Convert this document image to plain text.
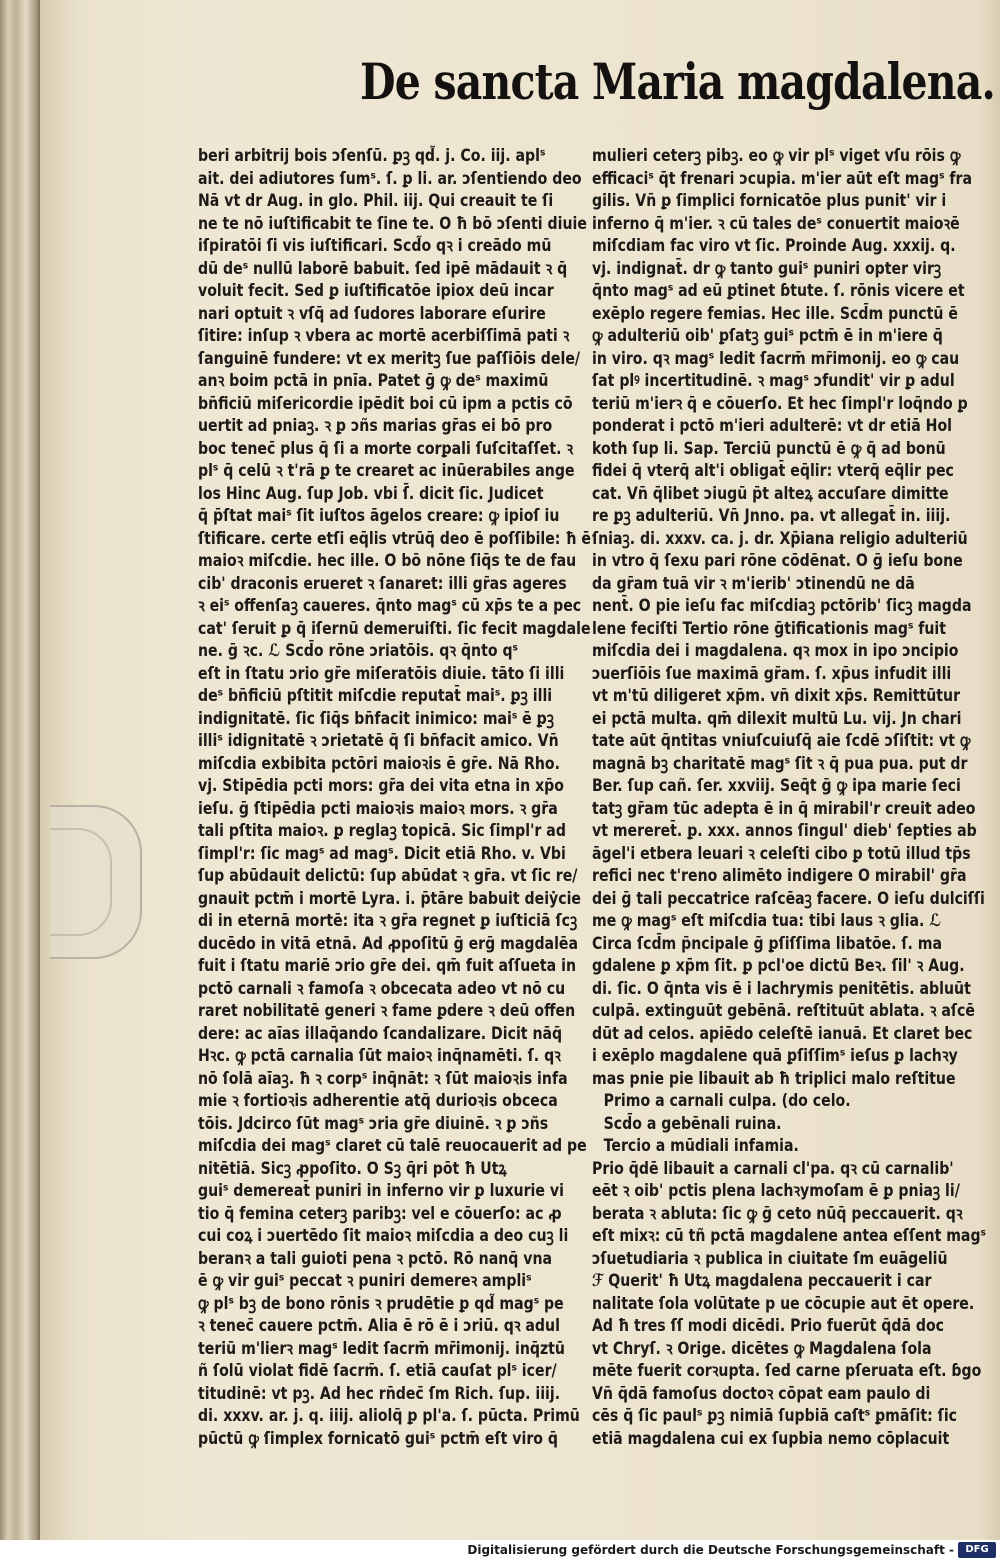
De sancta Maria magdalena.
beri arbitrij bois ɔſenſū. ꝑꝫ qd̃. j. Co. iij. aplˢ
ait. dei adiutores ſumˢ. ſ. ꝑ li. ar. ɔſentiendo deo
Nā vt dr Aug. in glo. Phil. iij. Qui creauit te ſi
ne te nō iuſtificabit te ſine te. O ħ bō ɔſenti diuie
iſpiratōi ſi vis iuſtificari. Scd̃o qꝛ i creādo mū
dū deˢ nullū laborē babuit. ſed ipē mādauit ꝛ q̄
voluit fecit. Sed ꝑ iuſtificatōe ipiox deū incar
nari optuit ꝛ vſq̄ ad ſudores laborare eſurire
ſitire: inſup ꝛ vbera ac mortē acerbiſſimā pati ꝛ
ſanguinē fundere: vt ex meritꝫ ſue paſſiōis dele/
anꝛ boim pctā in pnīa. Patet ḡ ꝙ deˢ maximū
bn̄ficiū miſericordie ipēdit boi cū ipm a pctis cō
uertit ad pniaꝫ. ꝛ ꝑ ɔñs marias gr̄as ei bō pro
boc tenec̄ plus q̄ ſi a morte corꝑali ſuſcitaſſet. ꝛ
plˢ q̄ celū ꝛ t'rā ꝑ te crearet ac inūerabiles ange
los Hinc Aug. ſup Job. vbi ſ̄. dicit ſic. Judicet
q̄ p̄ſtat maiˢ ſit iuſtos āgelos creare: ꝙ ipioſ iu
ſtificare. certe etſi eq̄lis vtrūq̄ deo ē poſſibile: ħ ē
maioꝛ miſcdie. hec ille. O bō nōne ſiq̄s te de fau
cib' draconis erueret ꝛ ſanaret: illi gr̄as ageres
ꝛ eiˢ offenſaꝫ caueres. q̄nto magˢ cū xp̄s te a pec
cat' ſeruit ꝑ q̄ iſernū demeruiſti. ſic fecit magdale
ne. ḡ ꝛc. ℒ Scd̄o rōne ɔriatōis. qꝛ q̄nto qˢ
eſt in ſtatu ɔrio gr̄e miſeratōis diuie. tāto ſi illi
deˢ bn̄ficiū pſtitit miſcdie reputat̄ maiˢ. ꝑꝫ illi
indignitatē. ſic ſiq̄s bn̄facit inimico: maiˢ ē ꝑꝫ
illiˢ idignitatē ꝛ ɔrietatē q̄ ſi bn̄facit amico. Vn̄
miſcdia exbibita pctōri maioꝛis ē gr̄e. Nā Rho.
vj. Stipēdia pcti mors: gr̄a dei vita etna in xp̄o
ieſu. ḡ ſtipēdia pcti maioꝛis maioꝛ mors. ꝛ gr̄a
tali pſtita maioꝛ. ꝑ reglaꝫ topicā. Sic ſimpl'r ad
ſimpl'r: ſic magˢ ad magˢ. Dicit etiā Rho. v. Vbi
ſup abūdauit delictū: ſup abūdat ꝛ gr̄a. vt ſic re/
gnauit pctm̄ i mortē Lyra. i. p̄tāre babuit deiẏcie
di in eternā mortē: ita ꝛ gr̄a regnet ꝑ iuſticiā ſcꝫ
ducēdo in vitā etnā. Ad ꝓpoſitū ḡ erḡ magdalēa
fuit i ſtatu mariē ɔrio gr̄e dei. qm̄ fuit aſſueta in
pctō carnali ꝛ famoſa ꝛ obcecata adeo vt nō cu
raret nobilitatē generi ꝛ fame ꝑdere ꝛ deū offen
dere: ac aīas illaq̄ando ſcandalizare. Dicit nāq̄
Hꝛc. ꝙ pctā carnalia ſūt maioꝛ inq̄namēti. ſ. qꝛ
nō ſolā aīaꝫ. ħ ꝛ corpˢ inq̄nāt: ꝛ ſūt maioꝛis infa
mie ꝛ fortioꝛis adherentie atq̄ durioꝛis obceca
tōis. Jdcirco ſūt magˢ ɔria gr̄e diuinē. ꝛ ꝑ ɔñs
miſcdia dei magˢ claret cū talē reuocauerit ad pe
nitētiā. Sicꝫ ꝓpoſito. O Sꝫ q̄ri pōt ħ Utꝝ
guiˢ demereat̄ puniri in inferno vir ꝑ luxurie vi
tio q̄ femina ceterꝫ paribꝫ: vel e cōuerſo: ac ꝓ
cui coꝝ i ɔuertēdo ſit maioꝛ miſcdia a deo cuꝫ li
beranꝛ a tali guioti pena ꝛ pctō. Rō nanq̄ vna
ē ꝙ vir guiˢ peccat ꝛ puniri demereꝛ ampliˢ
ꝙ plˢ bꝫ de bono rōnis ꝛ prudētie ꝑ qd̃ magˢ pe
ꝛ tenec̄ cauere pctm̄. Alia ē rō ē i ɔriū. qꝛ adul
teriū m'lierꝛ magˢ ledit ſacrm̄ mr̄imonij. inq̄ztū
ñ ſolū violat fidē ſacrm̄. ſ. etiā cauſat plˢ icer/
titudinē: vt pꝫ. Ad hec rn̄dec̄ ſm Rich. ſup. iiij.
di. xxxv. ar. j. q. iiij. aliolq̄ ꝑ pl'a. ſ. pūcta. Primū
pūctū ꝙ ſimplex fornicatō guiˢ pctm̄ eſt viro q̄
mulieri ceterꝫ pibꝫ. eo ꝙ vir plˢ viget vſu rōis ꝙ
efficaciˢ q̄t frenari ɔcupia. m'ier aūt eſt magˢ fra
gilis. Vn̄ ꝑ ſimplici fornicatōe plus punit' vir i
inferno q̄ m'ier. ꝛ cū tales deˢ conuertit maioꝛē
miſcdiam fac viro vt ſic. Proinde Aug. xxxij. q.
vj. indignat̄. dr ꝙ tanto guiˢ puniri opter virꝫ
q̄nto magˢ ad eū ꝑtinet ɓtute. ſ. rōnis vicere et
exēplo regere femias. Hec ille. Scd̄m punctū ē
ꝙ adulteriū oib' ꝑſatꝫ guiˢ pctm̄ ē in m'iere q̄
in viro. qꝛ magˢ ledit ſacrm̄ mr̄imonij. eo ꝙ cau
ſat plꝰ incertitudinē. ꝛ magˢ ɔfundit' vir ꝑ adul
teriū m'ierꝛ q̄ e cōuerſo. Et hec ſimpl'r loq̄ndo ꝑ
ponderat i pctō m'ieri adulterē: vt dr etiā Hol
koth ſup li. Sap. Terciū punctū ē ꝙ q̄ ad bonū
fidei q̄ vterq̄ alt'i obligat̄ eq̄lir: vterq̄ eq̄lir pec
cat. Vn̄ q̄libet ɔiugū p̄t alteꝝ accuſare dimitte
re ꝑꝫ adulteriū. Vn̄ Jnno. pa. vt allegat̄ in. iiij.
ſniaꝫ. di. xxxv. ca. j. dr. Xp̄iana religio adulteriū
in vtro q̄ ſexu pari rōne cōdēnat. O ḡ ieſu bone
da gr̄am tuā vir ꝛ m'ierib' ɔtinendū ne dā
nent̄. O pie ieſu fac miſcdiaꝫ pctōrib' ſicꝫ magda
lene feciſti Tertio rōne ḡtificationis magˢ fuit
miſcdia dei i magdalena. qꝛ mox in ipo ɔncipio
ɔuerſiōis ſue maximā gr̄am. ſ. xp̄us infudit illi
vt m'tū diligeret xp̄m. vn̄ dixit xp̄s. Remittūtur
ei pctā multa. qm̄ dilexit multū Lu. vij. Jn chari
tate aūt q̄ntitas vniuſcuiuſq̄ aie ſcdē ɔſiſtit: vt ꝙ
magnā bꝫ charitatē magˢ ſit ꝛ q̄ pua pua. put dr
Ber. ſup cañ. ſer. xxviij. Seq̄t ḡ ꝙ ipa marie ſeci
tatꝫ gr̄am tūc adepta ē in q̄ mirabil'r creuit adeo
vt mereret̄. ꝑ. xxx. annos ſingul' dieb' ſepties ab
āgel'i etbera leuari ꝛ celeſti cibo ꝑ totū illud tp̄s
refici nec t'reno alimēto indigere O mirabil' gr̄a
dei ḡ tali peccatrice raſcēaꝫ facere. O ieſu dulciſſi
me ꝙ magˢ eſt miſcdia tua: tibi laus ꝛ glia. ℒ
Circa ſcd̄m p̄ncipale ḡ ꝑſiſſima libatōe. ſ. ma
gdalene ꝑ xp̄m ſit. ꝑ pcl'oe dictū Beꝛ. ſil' ꝛ Aug.
di. ſic. O q̄nta vis ē i lachrymis penitētis. abluūt
culpā. extinguūt gebēnā. reſtituūt ablata. ꝛ aſcē
dūt ad celos. apiēdo celeſtē ianuā. Et claret bec
i exēplo magdalene quā ꝑſiſſimˢ ieſus ꝑ lachꝛy
mas pnie pie libauit ab ħ triplici malo reſtitue
Primo a carnali culpa. (do celo.
Scd̄o a gebēnali ruina.
Tercio a mūdiali infamia.
Prio q̄dē libauit a carnali cl'pa. qꝛ cū carnalib'
eēt ꝛ oib' pctis plena lachꝛymoſam ē ꝑ pniaꝫ li/
berata ꝛ abluta: ſic ꝙ ḡ ceto nūq̄ peccauerit. qꝛ
eſt mixꝛ: cū tñ pctā magdalene antea eſſent magˢ
ɔſuetudiaria ꝛ publica in ciuitate ſm euāgeliū
ℱ Querit' ħ Utꝝ magdalena peccauerit i car
nalitate ſola volūtate p ue cōcupie aut ēt opere.
Ad ħ tres ſſ modi dicēdi. Prio fuerūt q̄dā doc
vt Chryſ. ꝛ Orige. dicētes ꝙ Magdalena ſola
mēte fuerit corꝛupta. ſed carne pſeruata eſt. ɓgo
Vn̄ q̄dā famoſus doctoꝛ cōpat eam paulo di
cēs q̄ ſic paulˢ ꝑꝫ nimiā ſupbiā caſtˢ ꝑmāſit: ſic
etiā magdalena cui ex ſupbia nemo cōplacuit
Digitalisierung gefördert durch die Deutsche Forschungsgemeinschaft -	DFG
